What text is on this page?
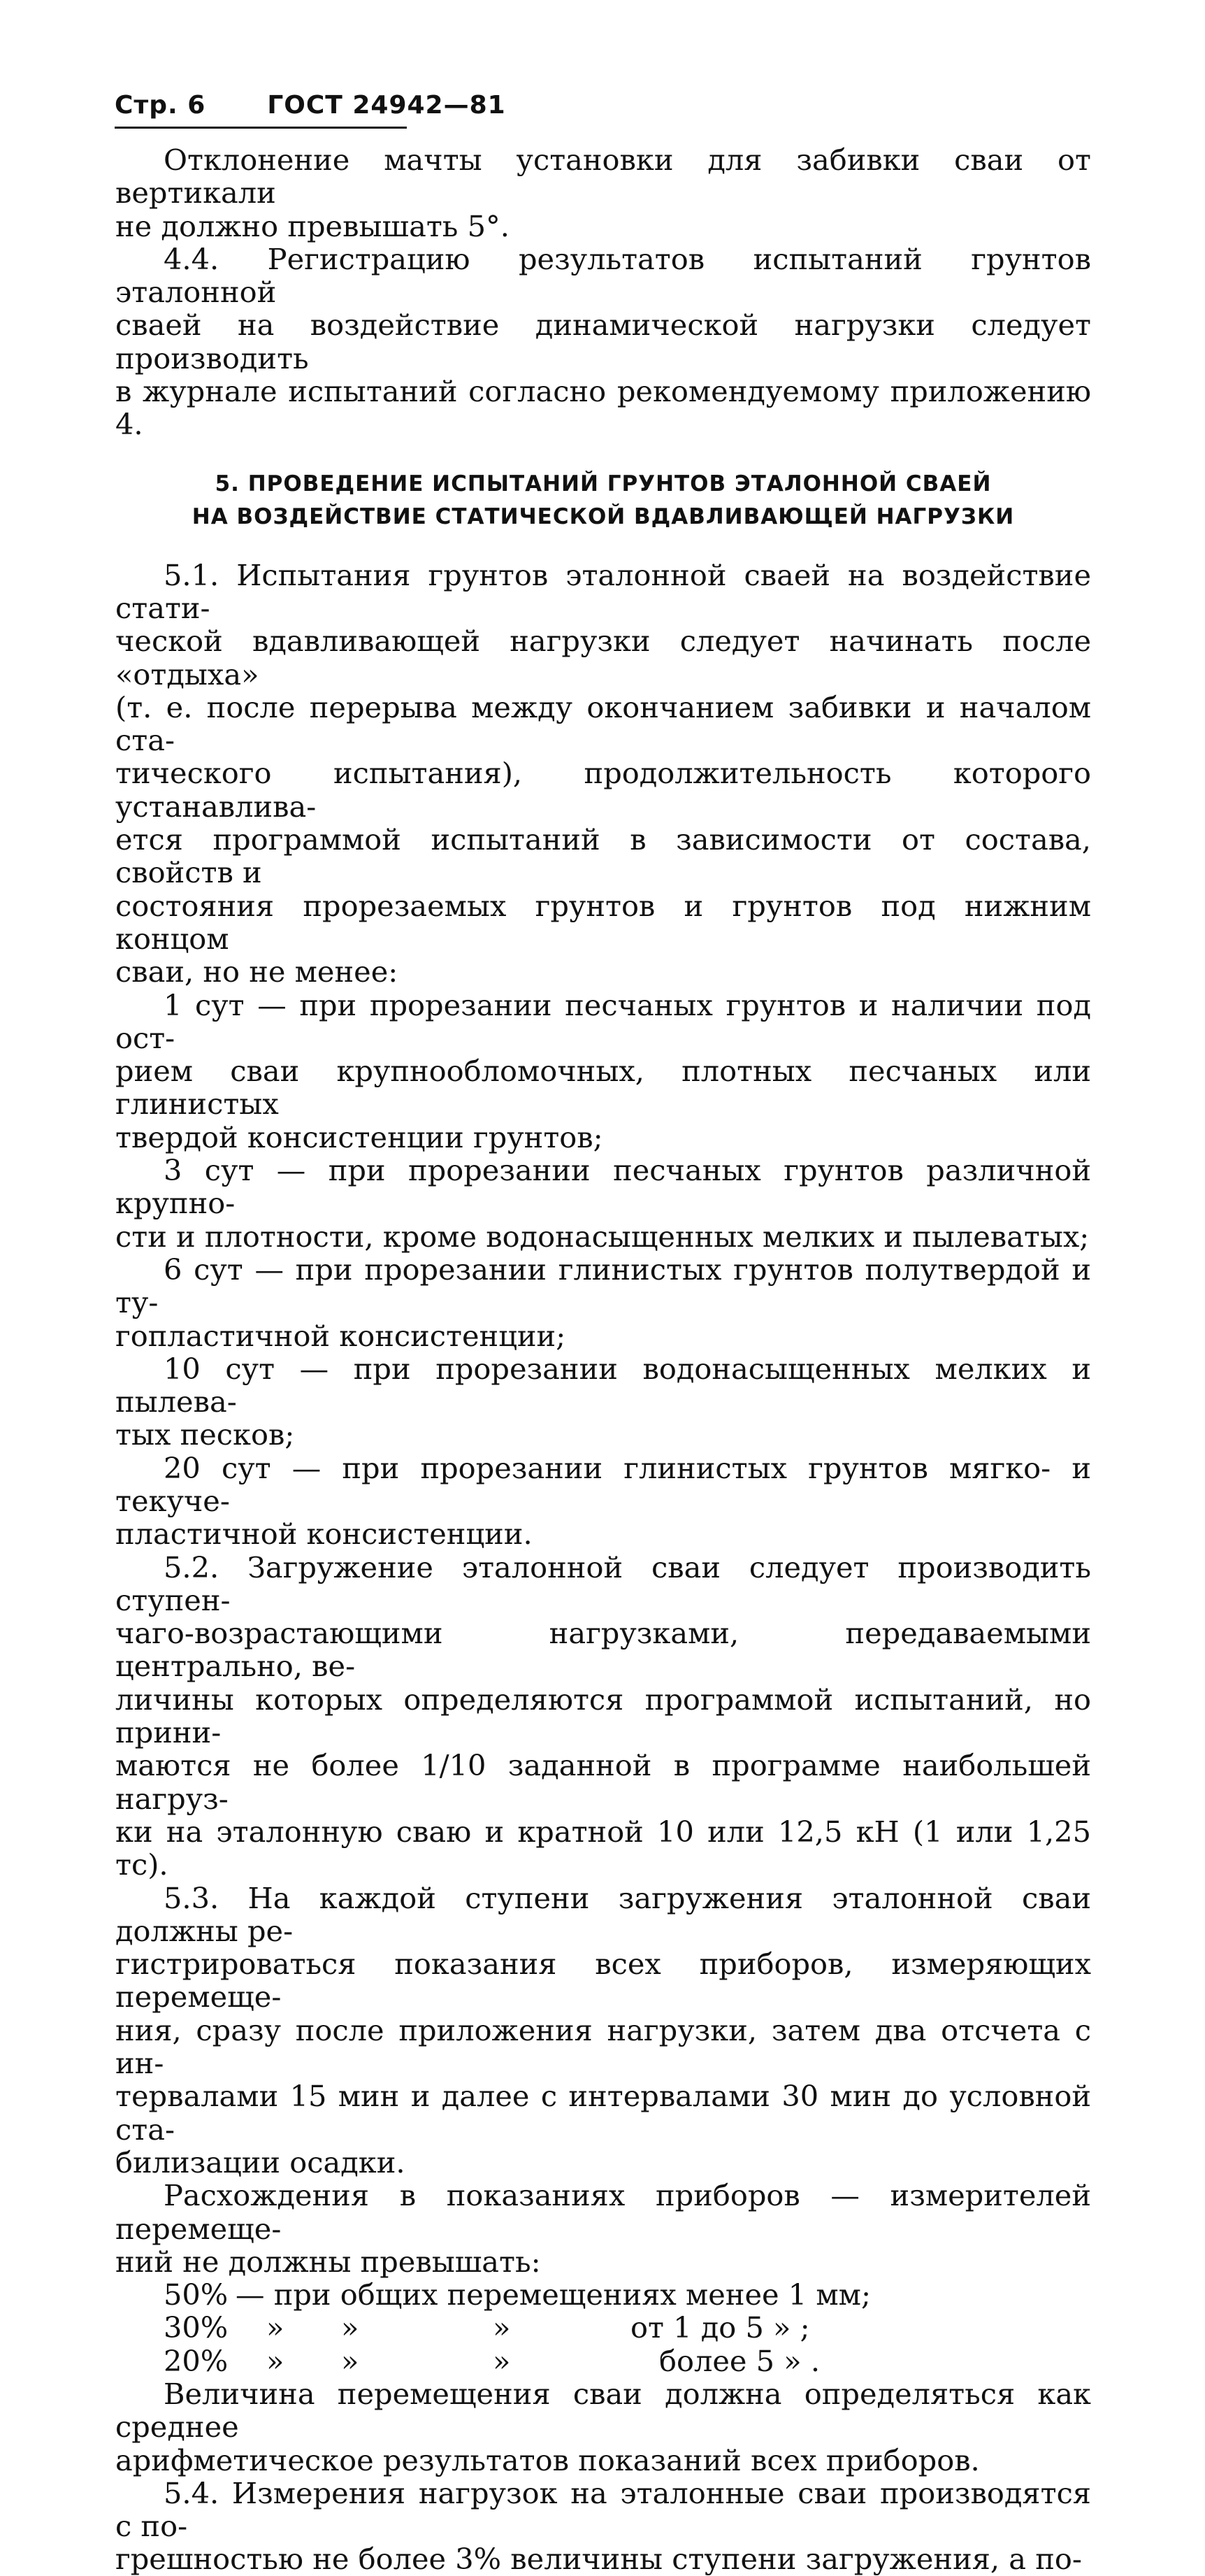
Стр. 6 ГОСТ 24942—81

Отклонение мачты установки для забивки сваи от вертикали

не должно превышать 5°.

4.4. Регистрацию результатов испытаний грунтов эталонной

сваей на воздействие динамической нагрузки следует производить

в журнале испытаний согласно рекомендуемому приложению 4.

5. ПРОВЕДЕНИЕ ИСПЫТАНИЙ ГРУНТОВ ЭТАЛОННОЙ СВАЕЙ
НА ВОЗДЕЙСТВИЕ СТАТИЧЕСКОЙ ВДАВЛИВАЮЩЕЙ НАГРУЗКИ

5.1. Испытания грунтов эталонной сваей на воздействие стати-

ческой вдавливающей нагрузки следует начинать после «отдыха»

(т. е. после перерыва между окончанием забивки и началом ста-

тического испытания), продолжительность которого устанавлива-

ется программой испытаний в зависимости от состава, свойств и

состояния прорезаемых грунтов и грунтов под нижним концом

сваи, но не менее:

1 сут — при прорезании песчаных грунтов и наличии под ост-

рием сваи крупнообломочных, плотных песчаных или глинистых

твердой консистенции грунтов;

3 сут — при прорезании песчаных грунтов различной крупно-

сти и плотности, кроме водонасыщенных мелких и пылеватых;

6 сут — при прорезании глинистых грунтов полутвердой и ту-

гопластичной консистенции;

10 сут — при прорезании водонасыщенных мелких и пылева-

тых песков;

20 сут — при прорезании глинистых грунтов мягко- и текуче-

пластичной консистенции.

5.2. Загружение эталонной сваи следует производить ступен-

чаго-возрастающими нагрузками, передаваемыми центрально, ве-

личины которых определяются программой испытаний, но прини-

маются не более 1/10 заданной в программе наибольшей нагруз-

ки на эталонную сваю и кратной 10 или 12,5 кН (1 или 1,25 тс).

5.3. На каждой ступени загружения эталонной сваи должны ре-

гистрироваться показания всех приборов, измеряющих перемеще-

ния, сразу после приложения нагрузки, затем два отсчета с ин-

тервалами 15 мин и далее с интервалами 30 мин до условной ста-

билизации осадки.

Расхождения в показаниях приборов — измерителей перемеще-

ний не должны превышать:

50% — при общих перемещениях менее 1 мм;
30% » »	»	от 1 до 5 » ;
20% » »	»	более 5 » .

Величина перемещения сваи должна определяться как среднее

арифметическое результатов показаний всех приборов.

5.4. Измерения нагрузок на эталонные сваи производятся с по-

грешностью не более 3% величины ступени загружения, а по-
